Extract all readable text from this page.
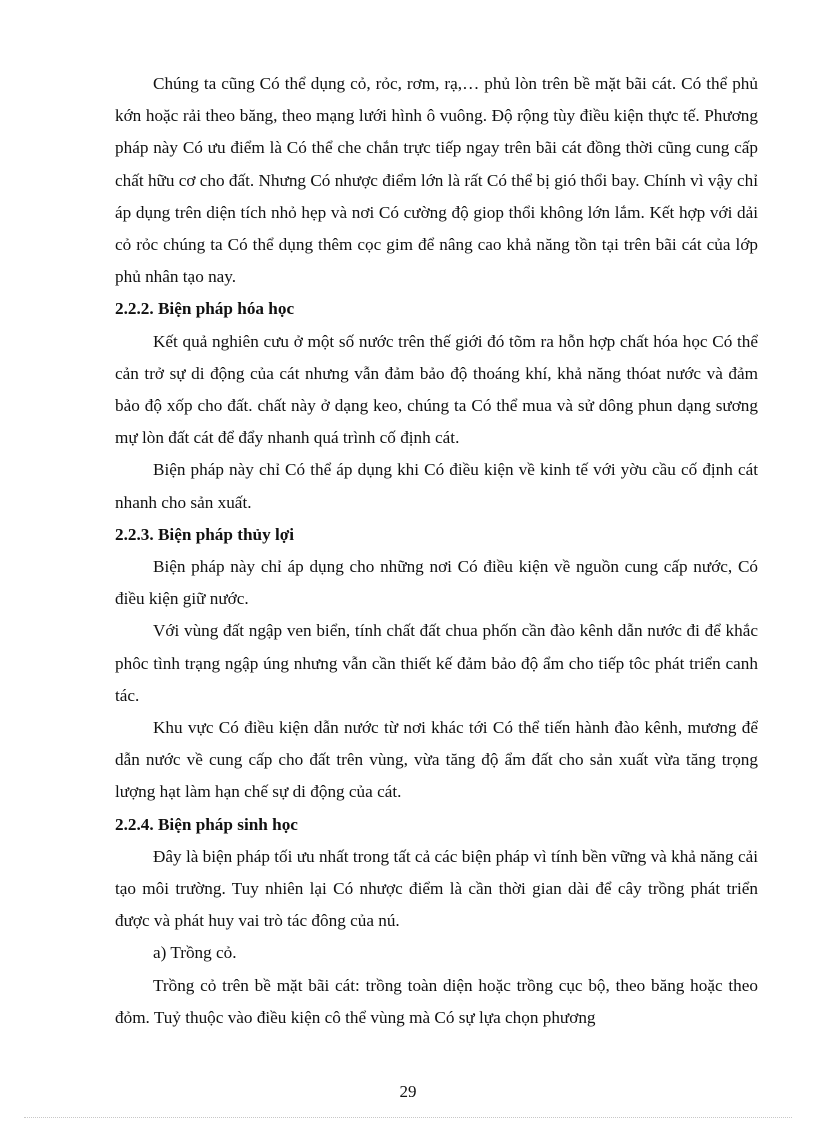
Chúng ta cũng Có thể dụng cỏ, rỏc, rơm, rạ,… phủ lòn trên bề mặt bãi cát. Có thể phủ kớn hoặc rải theo băng, theo mạng lưới hình ô vuông. Độ rộng tùy điều kiện thực tế. Phương pháp này Có ưu điểm là Có thể che chắn trực tiếp ngay trên bãi cát đồng thời cũng cung cấp chất hữu cơ cho đất. Nhưng Có nhược điểm lớn là rất Có thể bị gió thổi bay. Chính vì vậy chỉ áp dụng trên diện tích nhỏ hẹp và nơi Có cường độ giop thổi không lớn lắm. Kết hợp với dải cỏ rỏc chúng ta Có thể dụng thêm cọc gim để nâng cao khả năng tồn tại trên bãi cát của lớp phủ nhân tạo nay.

2.2.2. Biện pháp hóa học

Kết quả nghiên cưu ở một số nước trên thế giới đó tõm ra hỗn hợp chất hóa học Có thể cản trở sự di động của cát nhưng vẫn đảm bảo độ thoáng khí, khả năng thóat nước và đảm bảo độ xốp cho đất. chất này ở dạng keo, chúng ta Có thể mua và sử dông phun dạng sương mự lòn đất cát để đẩy nhanh quá trình cố định cát.

Biện pháp này chỉ Có thể áp dụng khi Có điều kiện về kinh tế với yờu cầu cố định cát nhanh cho sản xuất.

2.2.3. Biện pháp thủy lợi

Biện pháp này chỉ áp dụng cho những nơi Có điều kiện về nguồn cung cấp nước, Có điều kiện giữ nước.

Với vùng đất ngập ven biển, tính chất đất chua phốn cần đào kênh dẫn nước đi để khắc phôc tình trạng ngập úng nhưng vẫn cần thiết kế đảm bảo độ ẩm cho tiếp tôc phát triển canh tác.

Khu vực Có điều kiện dẫn nước từ nơi khác tới Có thể tiến hành đào kênh, mương để dẫn nước về cung cấp cho đất trên vùng, vừa tăng độ ẩm đất cho sản xuất vừa tăng trọng lượng hạt làm hạn chế sự di động của cát.

2.2.4. Biện pháp sinh học

Đây là biện pháp tối ưu nhất trong tất cả các biện pháp vì tính bền vững và khả năng cải tạo môi trường. Tuy nhiên lại Có nhược điểm là cần thời gian dài để cây trồng phát triển được và phát huy vai trò tác đông của nú.

a) Trồng cỏ.

Trồng cỏ trên bề mặt bãi cát: trồng toàn diện hoặc trồng cục bộ, theo băng hoặc theo đỏm. Tuỷ thuộc vào điều kiện cô thể vùng mà Có sự lựa chọn phương

29
